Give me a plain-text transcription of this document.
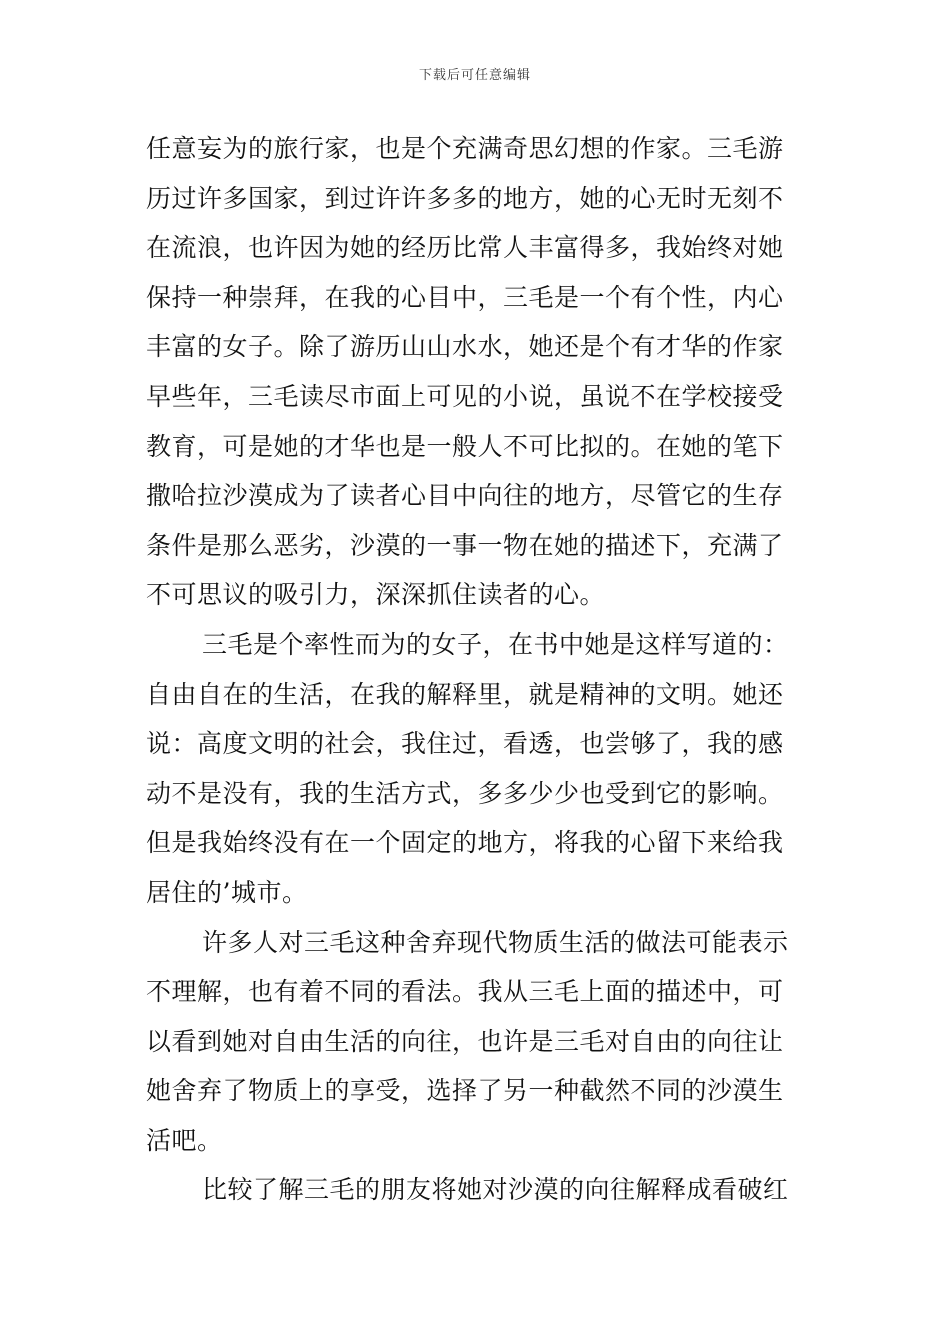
下载后可任意编辑
任意妄为的旅行家，也是个充满奇思幻想的作家。三毛游
历过许多国家，到过许许多多的地方，她的心无时无刻不
在流浪，也许因为她的经历比常人丰富得多，我始终对她
保持一种崇拜，在我的心目中，三毛是一个有个性，内心
丰富的女子。除了游历山山水水，她还是个有才华的作家
早些年，三毛读尽市面上可见的小说，虽说不在学校接受
教育，可是她的才华也是一般人不可比拟的。在她的笔下
撒哈拉沙漠成为了读者心目中向往的地方，尽管它的生存
条件是那么恶劣，沙漠的一事一物在她的描述下，充满了
不可思议的吸引力，深深抓住读者的心。
三毛是个率性而为的女子，在书中她是这样写道的：
自由自在的生活，在我的解释里，就是精神的文明。她还
说：高度文明的社会，我住过，看透，也尝够了，我的感
动不是没有，我的生活方式，多多少少也受到它的影响。
但是我始终没有在一个固定的地方，将我的心留下来给我
居住的’城市。
许多人对三毛这种舍弃现代物质生活的做法可能表示
不理解，也有着不同的看法。我从三毛上面的描述中，可
以看到她对自由生活的向往，也许是三毛对自由的向往让
她舍弃了物质上的享受，选择了另一种截然不同的沙漠生
活吧。
比较了解三毛的朋友将她对沙漠的向往解释成看破红
